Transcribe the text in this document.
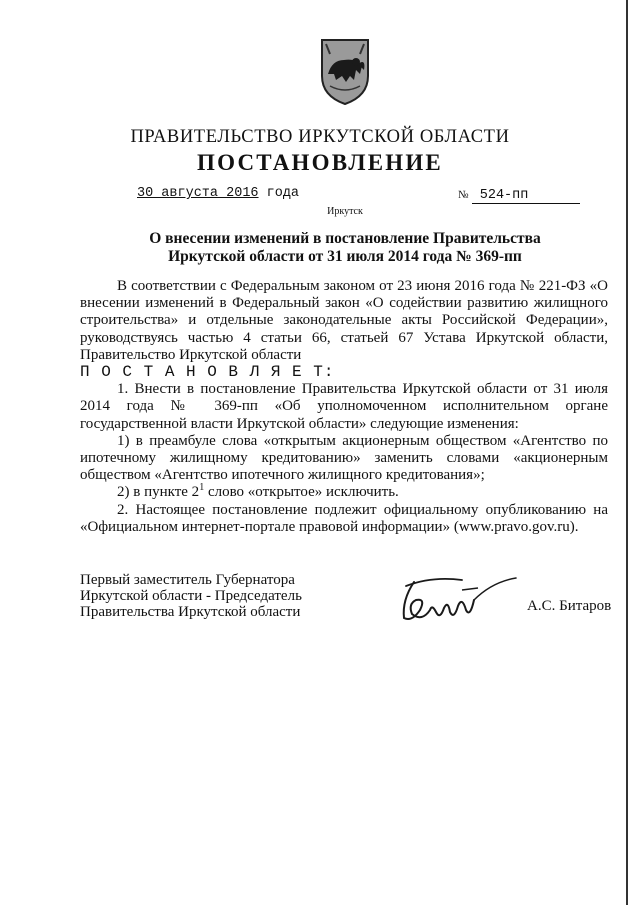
ПРАВИТЕЛЬСТВО ИРКУТСКОЙ ОБЛАСТИ
ПОСТАНОВЛЕНИЕ
30 августа 2016 года	№ 524-пп
Иркутск
О внесении изменений в постановление Правительства
Иркутской области от 31 июля 2014 года № 369-пп

В соответствии с Федеральным законом от 23 июня 2016 года № 221-ФЗ «О внесении изменений в Федеральный закон «О содействии развитию жилищного строительства» и отдельные законодательные акты Российской Федерации», руководствуясь частью 4 статьи 66, статьей 67 Устава Иркутской области, Правительство Иркутской области

П О С Т А Н О В Л Я Е Т:

1. Внести в постановление Правительства Иркутской области от 31 июля 2014 года № 369-пп «Об уполномоченном исполнительном органе государственной власти Иркутской области» следующие изменения:

1) в преамбуле слова «открытым акционерным обществом «Агентство по ипотечному жилищному кредитованию» заменить словами «акционерным обществом «Агентство ипотечного жилищного кредитования»;

2) в пункте $2^1$ слово «открытое» исключить.

2. Настоящее постановление подлежит официальному опубликованию на «Официальном интернет-портале правовой информации» (www.pravo.gov.ru).

Первый заместитель Губернатора
Иркутской области - Председатель
Правительства Иркутской области	А.С. Битаров
